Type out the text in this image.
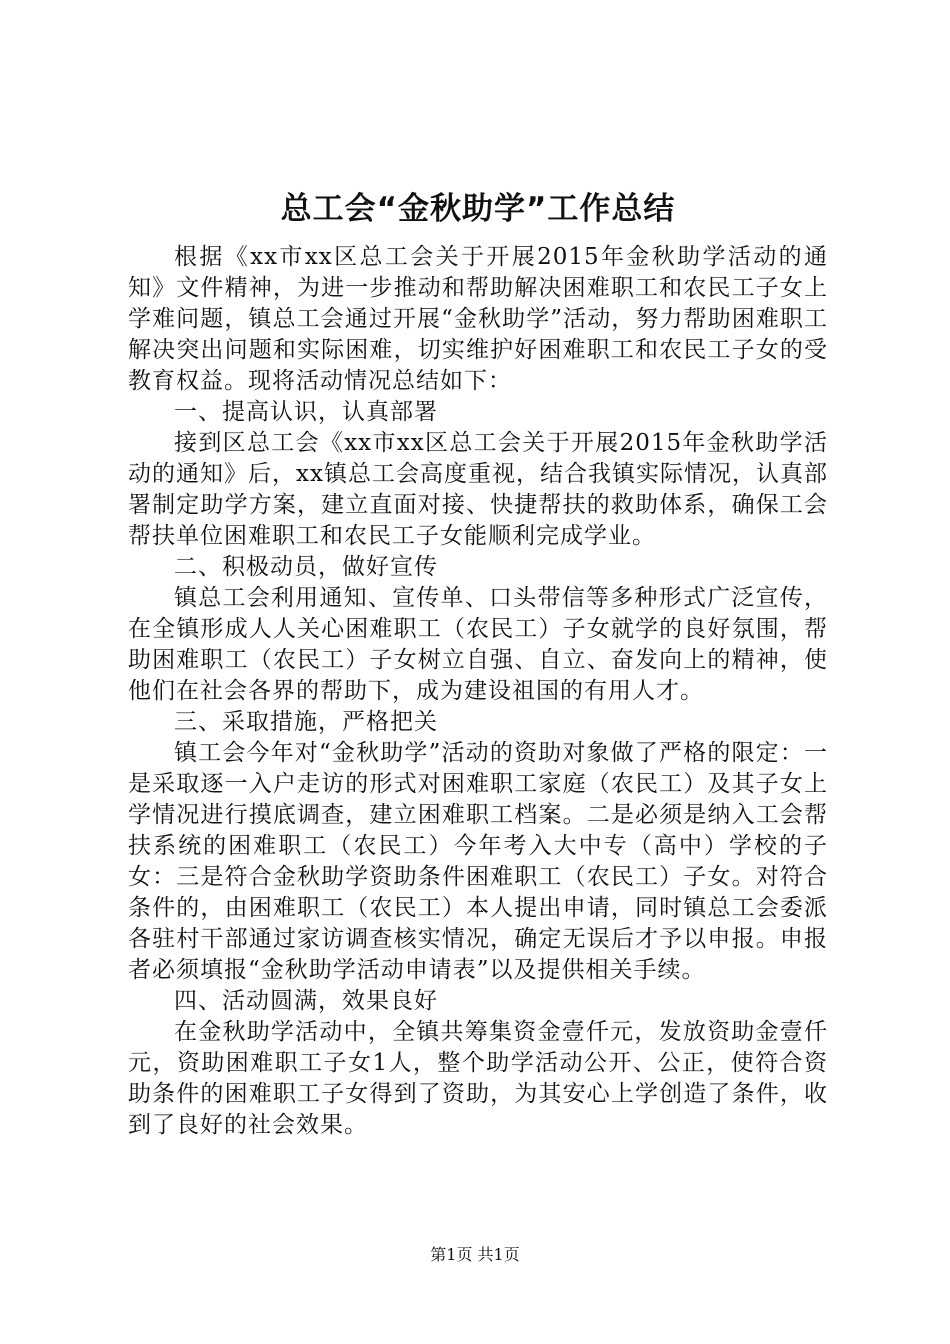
总工会“金秋助学”工作总结

根据《xx市xx区总工会关于开展2015年金秋助学活动的通知》文件精神，为进一步推动和帮助解决困难职工和农民工子女上学难问题，镇总工会通过开展“金秋助学”活动，努力帮助困难职工解决突出问题和实际困难，切实维护好困难职工和农民工子女的受教育权益。现将活动情况总结如下：

一、提高认识，认真部署

接到区总工会《xx市xx区总工会关于开展2015年金秋助学活动的通知》后，xx镇总工会高度重视，结合我镇实际情况，认真部署制定助学方案，建立直面对接、快捷帮扶的救助体系，确保工会帮扶单位困难职工和农民工子女能顺利完成学业。

二、积极动员，做好宣传

镇总工会利用通知、宣传单、口头带信等多种形式广泛宣传，在全镇形成人人关心困难职工（农民工）子女就学的良好氛围，帮助困难职工（农民工）子女树立自强、自立、奋发向上的精神，使他们在社会各界的帮助下，成为建设祖国的有用人才。

三、采取措施，严格把关

镇工会今年对“金秋助学”活动的资助对象做了严格的限定：一是采取逐一入户走访的形式对困难职工家庭（农民工）及其子女上学情况进行摸底调查，建立困难职工档案。二是必须是纳入工会帮扶系统的困难职工（农民工）今年考入大中专（高中）学校的子女：三是符合金秋助学资助条件困难职工（农民工）子女。对符合条件的，由困难职工（农民工）本人提出申请，同时镇总工会委派各驻村干部通过家访调查核实情况，确定无误后才予以申报。申报者必须填报“金秋助学活动申请表”以及提供相关手续。

四、活动圆满，效果良好

在金秋助学活动中，全镇共筹集资金壹仟元，发放资助金壹仟元，资助困难职工子女1人，整个助学活动公开、公正，使符合资助条件的困难职工子女得到了资助，为其安心上学创造了条件，收到了良好的社会效果。

第1页 共1页
